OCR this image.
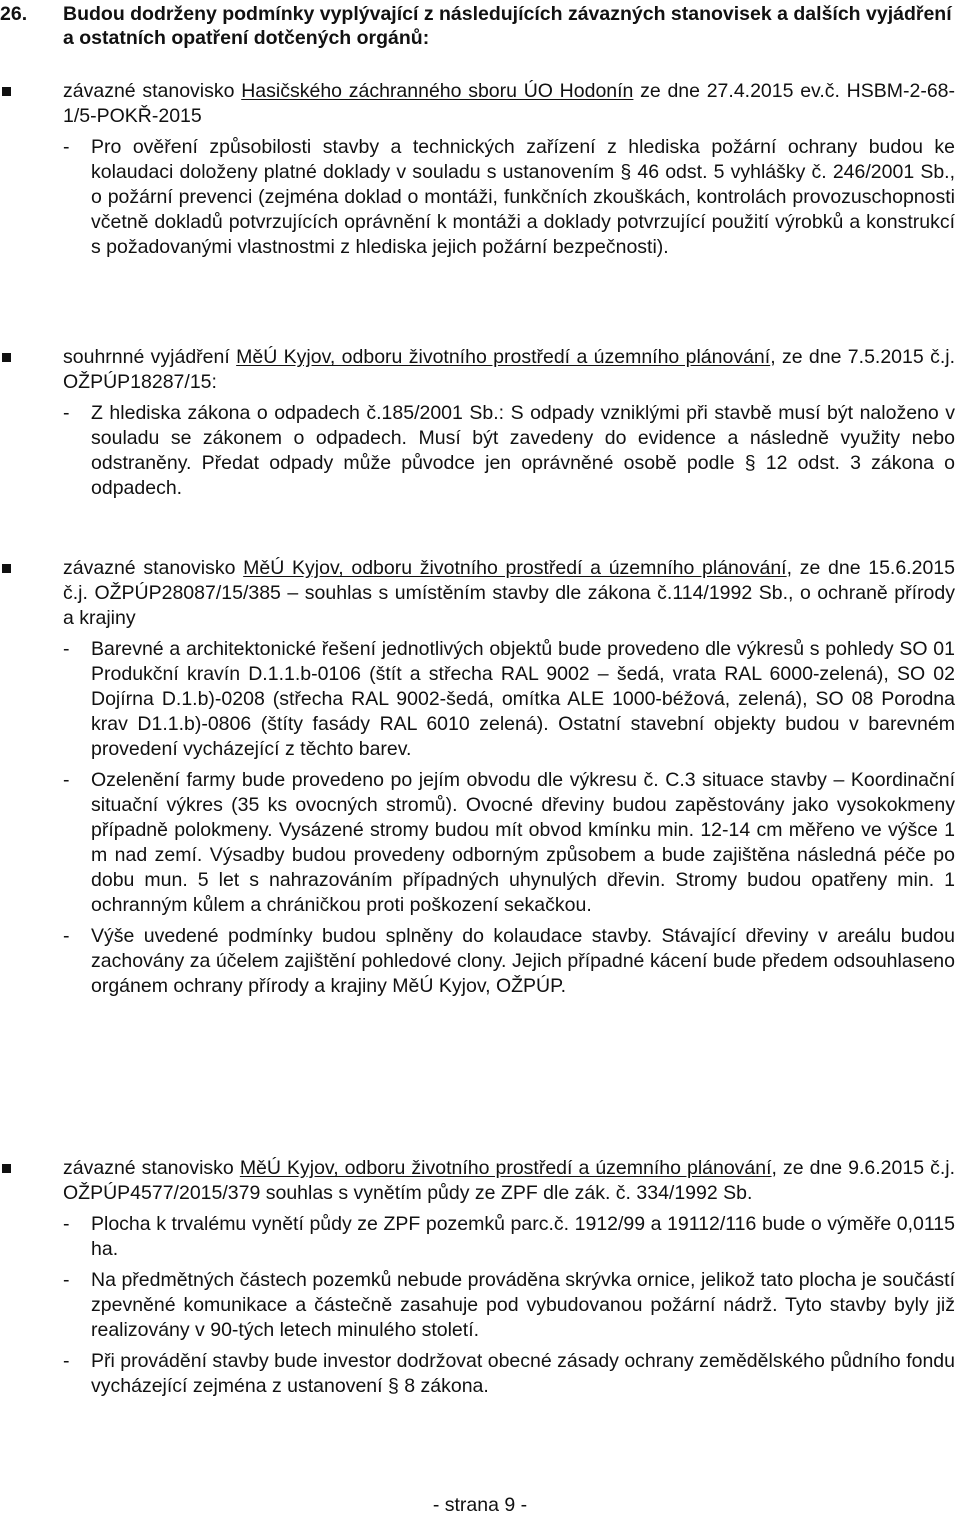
26. Budou dodrženy podmínky vyplývající z následujících závazných stanovisek a dalších vyjádření a ostatních opatření dotčených orgánů:
závazné stanovisko Hasičského záchranného sboru ÚO Hodonín ze dne 27.4.2015 ev.č. HSBM-2-68-1/5-POKŘ-2015
- Pro ověření způsobilosti stavby a technických zařízení z hlediska požární ochrany budou ke kolaudaci doloženy platné doklady v souladu s ustanovením § 46 odst. 5 vyhlášky č. 246/2001 Sb., o požární prevenci (zejména doklad o montáži, funkčních zkouškách, kontrolách provozuschopnosti včetně dokladů potvrzujících oprávnění k montáži a doklady potvrzující použití výrobků a konstrukcí s požadovanými vlastnostmi z hlediska jejich požární bezpečnosti).
souhrnné vyjádření MěÚ Kyjov, odboru životního prostředí a územního plánování, ze dne 7.5.2015 č.j. OŽPÚP18287/15:
- Z hlediska zákona o odpadech č.185/2001 Sb.: S odpady vzniklými při stavbě musí být naloženo v souladu se zákonem o odpadech. Musí být zavedeny do evidence a následně využity nebo odstraněny. Předat odpady může původce jen oprávněné osobě podle § 12 odst. 3 zákona o odpadech.
závazné stanovisko MěÚ Kyjov, odboru životního prostředí a územního plánování, ze dne 15.6.2015 č.j. OŽPÚP28087/15/385 – souhlas s umístěním stavby dle zákona č.114/1992 Sb., o ochraně přírody a krajiny
- Barevné a architektonické řešení jednotlivých objektů bude provedeno dle výkresů s pohledy SO 01 Produkční kravín D.1.1.b-0106 (štít a střecha RAL 9002 – šedá, vrata RAL 6000-zelená), SO 02 Dojírna D.1.b)-0208 (střecha RAL 9002-šedá, omítka ALE 1000-béžová, zelená), SO 08 Porodna krav D1.1.b)-0806 (štíty fasády RAL 6010 zelená). Ostatní stavební objekty budou v barevném provedení vycházející z těchto barev.
- Ozelenění farmy bude provedeno po jejím obvodu dle výkresu č. C.3 situace stavby – Koordinační situační výkres (35 ks ovocných stromů). Ovocné dřeviny budou zapěstovány jako vysokokmeny případně polokmeny. Vysázené stromy budou mít obvod kmínku min. 12-14 cm měřeno ve výšce 1 m nad zemí. Výsadby budou provedeny odborným způsobem a bude zajištěna následná péče po dobu mun. 5 let s nahrazováním případných uhynulých dřevin. Stromy budou opatřeny min. 1 ochranným kůlem a chráničkou proti poškození sekačkou.
- Výše uvedené podmínky budou splněny do kolaudace stavby. Stávající dřeviny v areálu budou zachovány za účelem zajištění pohledové clony. Jejich případné kácení bude předem odsouhlaseno orgánem ochrany přírody a krajiny MěÚ Kyjov, OŽPÚP.
závazné stanovisko MěÚ Kyjov, odboru životního prostředí a územního plánování, ze dne 9.6.2015 č.j. OŽPÚP4577/2015/379 souhlas s vynětím půdy ze ZPF dle zák. č. 334/1992 Sb.
- Plocha k trvalému vynětí půdy ze ZPF pozemků parc.č. 1912/99 a 19112/116 bude o výměře 0,0115 ha.
- Na předmětných částech pozemků nebude prováděna skrývka ornice, jelikož tato plocha je součástí zpevněné komunikace a částečně zasahuje pod vybudovanou požární nádrž. Tyto stavby byly již realizovány v 90-tých letech minulého století.
- Při provádění stavby bude investor dodržovat obecné zásady ochrany zemědělského půdního fondu vycházející zejména z ustanovení § 8 zákona.
- strana 9 -
